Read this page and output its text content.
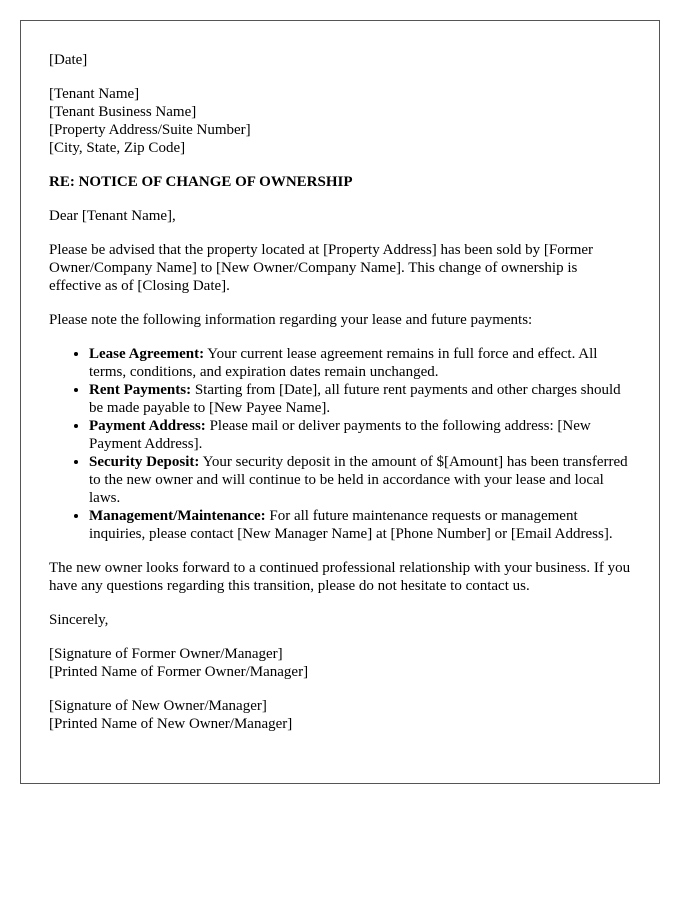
[Date]

[Tenant Name]

[Tenant Business Name]

[Property Address/Suite Number]

[City, State, Zip Code]

RE: NOTICE OF CHANGE OF OWNERSHIP

Dear [Tenant Name],

Please be advised that the property located at [Property Address] has been sold by [Former Owner/Company Name] to [New Owner/Company Name]. This change of ownership is effective as of [Closing Date].

Please note the following information regarding your lease and future payments:

• Lease Agreement: Your current lease agreement remains in full force and effect. All terms, conditions, and expiration dates remain unchanged.
• Rent Payments: Starting from [Date], all future rent payments and other charges should be made payable to [New Payee Name].
• Payment Address: Please mail or deliver payments to the following address: [New Payment Address].
• Security Deposit: Your security deposit in the amount of $[Amount] has been transferred to the new owner and will continue to be held in accordance with your lease and local laws.
• Management/Maintenance: For all future maintenance requests or management inquiries, please contact [New Manager Name] at [Phone Number] or [Email Address].

The new owner looks forward to a continued professional relationship with your business. If you have any questions regarding this transition, please do not hesitate to contact us.

Sincerely,

[Signature of Former Owner/Manager]

[Printed Name of Former Owner/Manager]

[Signature of New Owner/Manager]

[Printed Name of New Owner/Manager]
